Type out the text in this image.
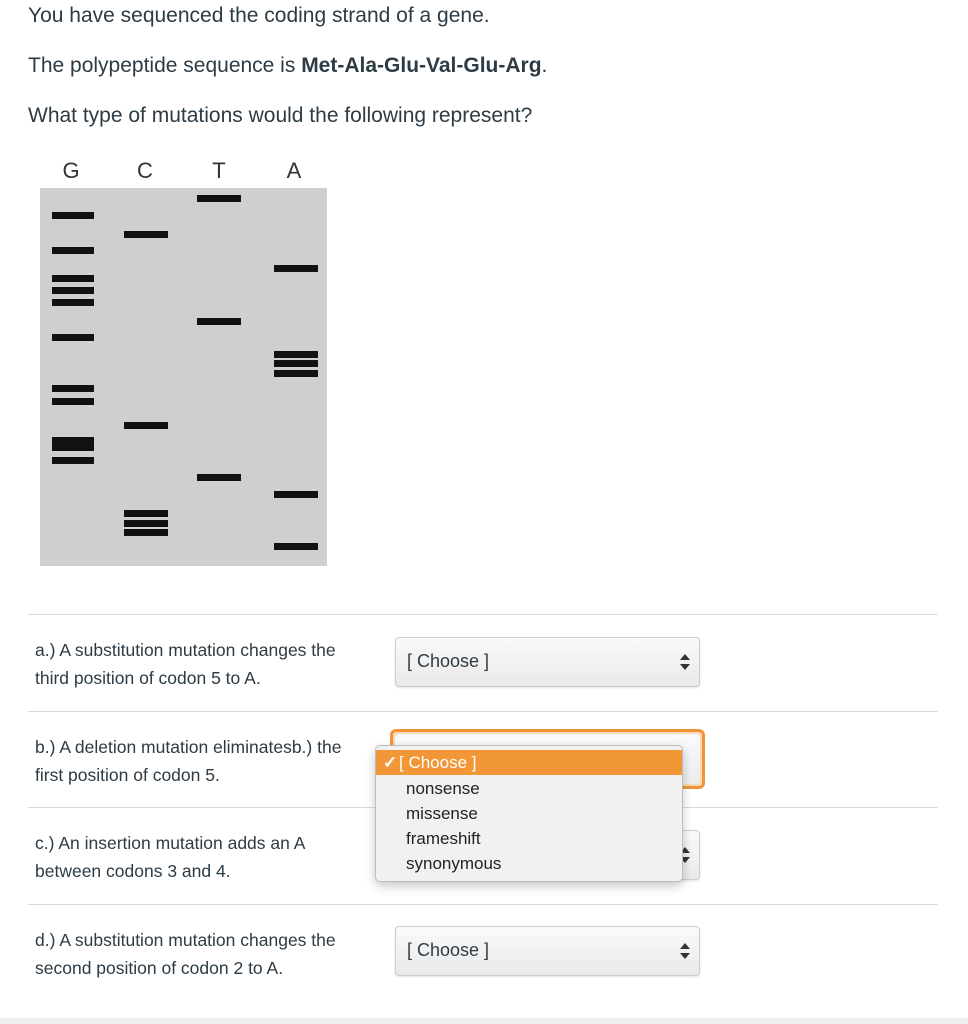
You have sequenced the coding strand of a gene.

The polypeptide sequence is Met-Ala-Glu-Val-Glu-Arg.

What type of mutations would the following represent?

G	C	T	A
a.) A substitution mutation changes the
third position of codon 5 to A.
[ Choose ]
b.) A deletion mutation eliminatesb.) the
first position of codon 5.
c.) An insertion mutation adds an A
between codons 3 and 4.
d.) A substitution mutation changes the
second position of codon 2 to A.
[ Choose ]
✓ [ Choose ]
nonsense
missense
frameshift
synonymous
